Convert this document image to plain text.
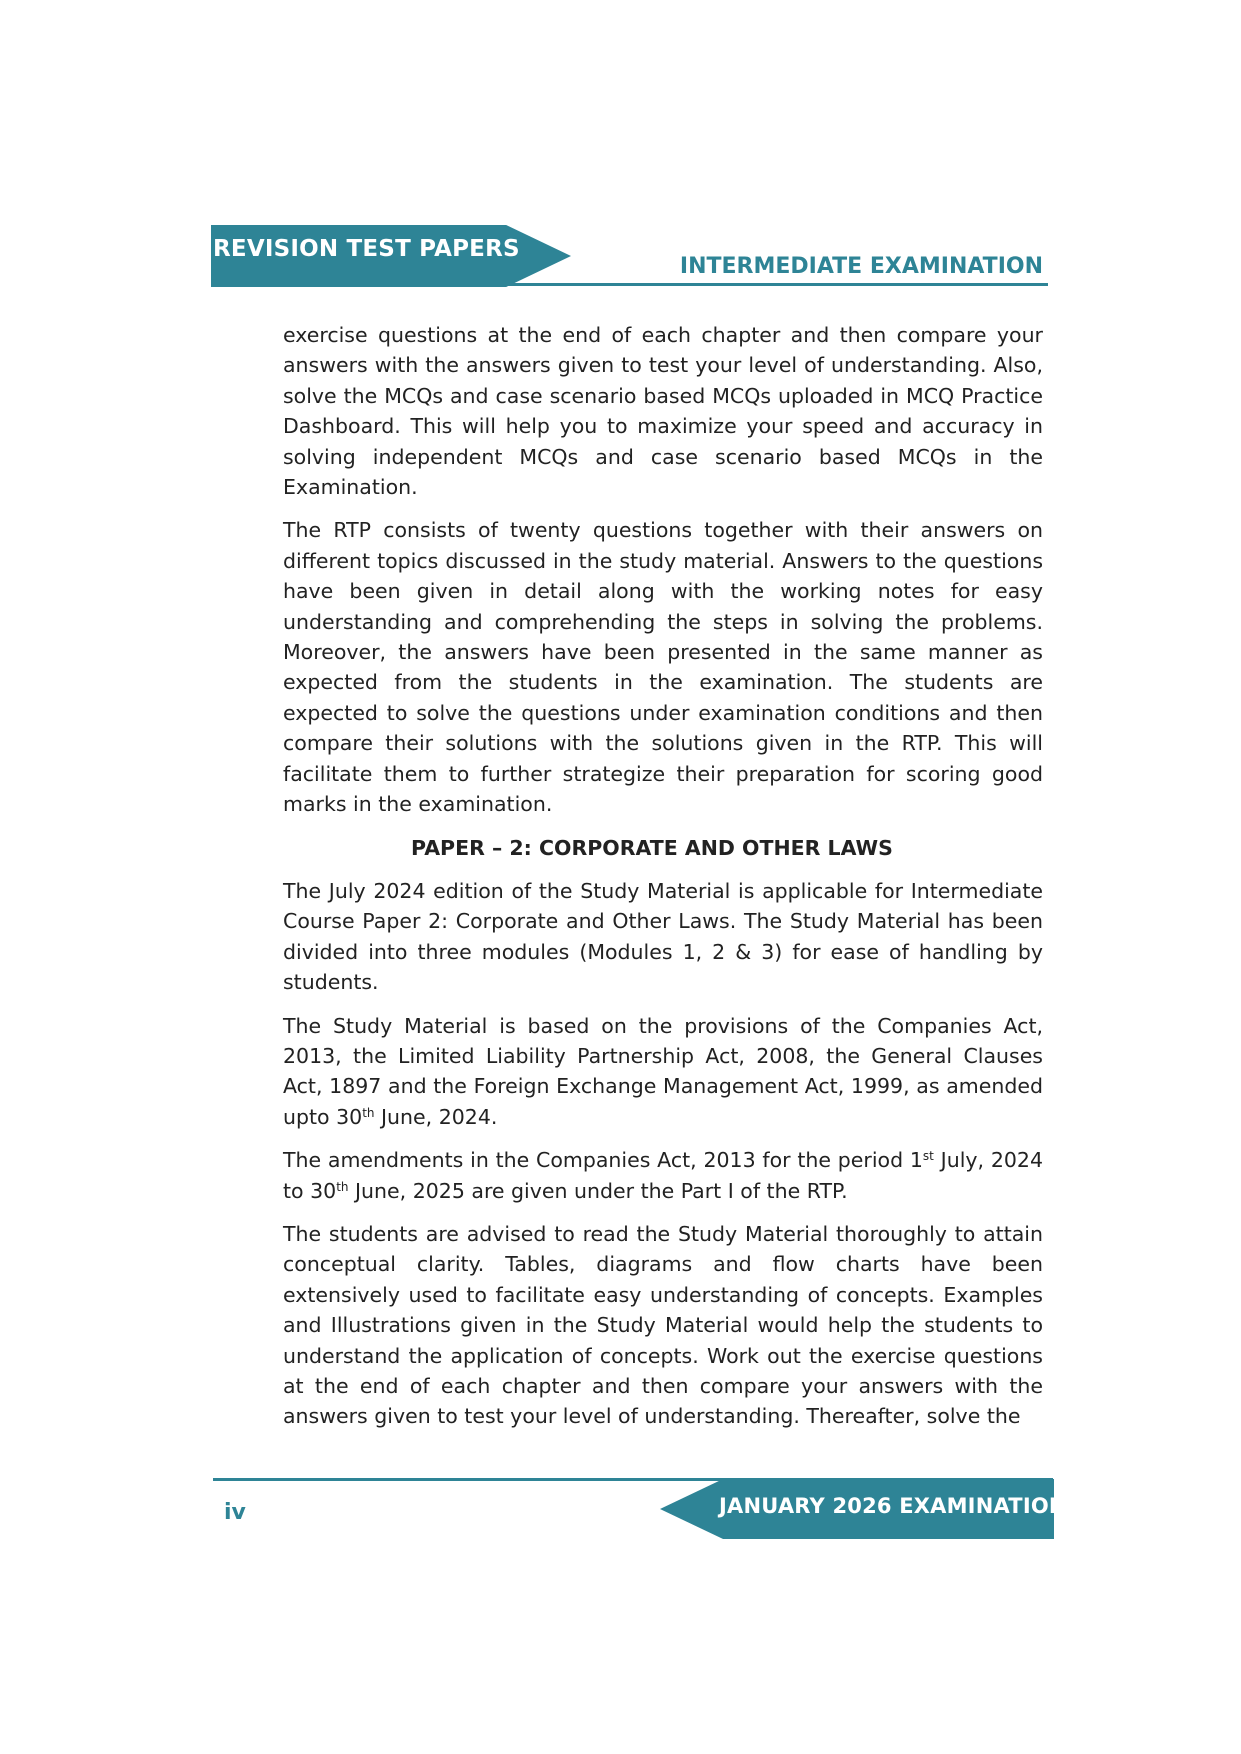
REVISION TEST PAPERS
INTERMEDIATE EXAMINATION

exercise questions at the end of each chapter and then compare your answers with the answers given to test your level of understanding. Also, solve the MCQs and case scenario based MCQs uploaded in MCQ Practice Dashboard. This will help you to maximize your speed and accuracy in solving independent MCQs and case scenario based MCQs in the Examination.

The RTP consists of twenty questions together with their answers on different topics discussed in the study material. Answers to the questions have been given in detail along with the working notes for easy understanding and comprehending the steps in solving the problems. Moreover, the answers have been presented in the same manner as expected from the students in the examination. The students are expected to solve the questions under examination conditions and then compare their solutions with the solutions given in the RTP. This will facilitate them to further strategize their preparation for scoring good marks in the examination.

PAPER – 2: CORPORATE AND OTHER LAWS

The July 2024 edition of the Study Material is applicable for Intermediate Course Paper 2: Corporate and Other Laws. The Study Material has been divided into three modules (Modules 1, 2 & 3) for ease of handling by students.

The Study Material is based on the provisions of the Companies Act, 2013, the Limited Liability Partnership Act, 2008, the General Clauses Act, 1897 and the Foreign Exchange Management Act, 1999, as amended upto 30th June, 2024.

The amendments in the Companies Act, 2013 for the period 1st July, 2024 to 30th June, 2025 are given under the Part I of the RTP.

The students are advised to read the Study Material thoroughly to attain conceptual clarity. Tables, diagrams and flow charts have been extensively used to facilitate easy understanding of concepts. Examples and Illustrations given in the Study Material would help the students to understand the application of concepts. Work out the exercise questions at the end of each chapter and then compare your answers with the answers given to test your level of understanding. Thereafter, solve the

JANUARY 2026 EXAMINATION
iv
